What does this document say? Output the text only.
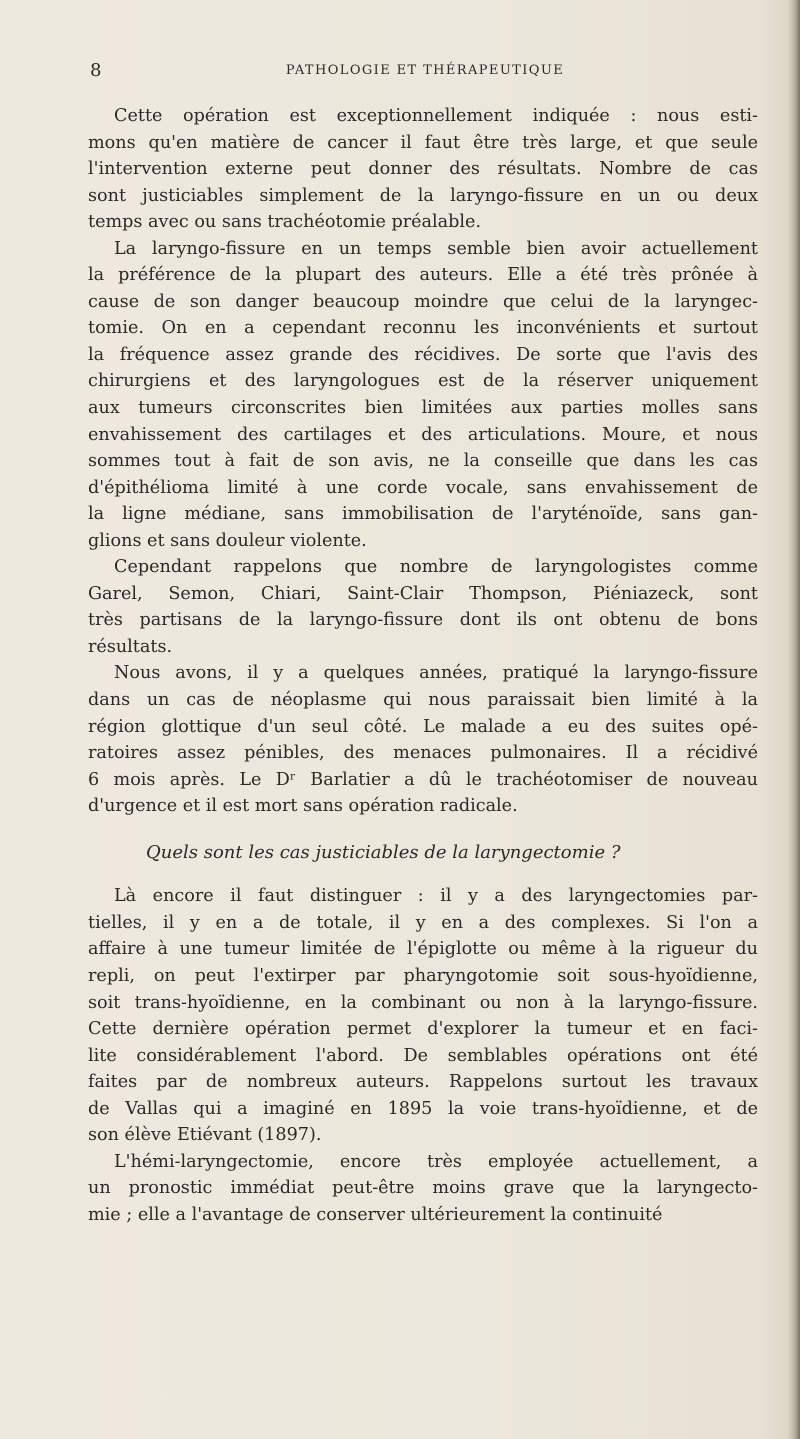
8	PATHOLOGIE ET THÉRAPEUTIQUE
Cette opération est exceptionnellement indiquée : nous esti-
mons qu'en matière de cancer il faut être très large, et que seule
l'intervention externe peut donner des résultats. Nombre de cas
sont justiciables simplement de la laryngo-fissure en un ou deux
temps avec ou sans trachéotomie préalable.
La laryngo-fissure en un temps semble bien avoir actuellement
la préférence de la plupart des auteurs. Elle a été très prônée à
cause de son danger beaucoup moindre que celui de la laryngec-
tomie. On en a cependant reconnu les inconvénients et surtout
la fréquence assez grande des récidives. De sorte que l'avis des
chirurgiens et des laryngologues est de la réserver uniquement
aux tumeurs circonscrites bien limitées aux parties molles sans
envahissement des cartilages et des articulations. Moure, et nous
sommes tout à fait de son avis, ne la conseille que dans les cas
d'épithélioma limité à une corde vocale, sans envahissement de
la ligne médiane, sans immobilisation de l'aryténoïde, sans gan-
glions et sans douleur violente.
Cependant rappelons que nombre de laryngologistes comme
Garel, Semon, Chiari, Saint-Clair Thompson, Piéniazeck, sont
très partisans de la laryngo-fissure dont ils ont obtenu de bons
résultats.
Nous avons, il y a quelques années, pratiqué la laryngo-fissure
dans un cas de néoplasme qui nous paraissait bien limité à la
région glottique d'un seul côté. Le malade a eu des suites opé-
ratoires assez pénibles, des menaces pulmonaires. Il a récidivé
6 mois après. Le Dʳ Barlatier a dû le trachéotomiser de nouveau
d'urgence et il est mort sans opération radicale.
Quels sont les cas justiciables de la laryngectomie ?
Là encore il faut distinguer : il y a des laryngectomies par-
tielles, il y en a de totale, il y en a des complexes. Si l'on a
affaire à une tumeur limitée de l'épiglotte ou même à la rigueur du
repli, on peut l'extirper par pharyngotomie soit sous-hyoïdienne,
soit trans-hyoïdienne, en la combinant ou non à la laryngo-fissure.
Cette dernière opération permet d'explorer la tumeur et en faci-
lite considérablement l'abord. De semblables opérations ont été
faites par de nombreux auteurs. Rappelons surtout les travaux
de Vallas qui a imaginé en 1895 la voie trans-hyoïdienne, et de
son élève Etiévant (1897).
L'hémi-laryngectomie, encore très employée actuellement, a
un pronostic immédiat peut-être moins grave que la laryngecto-
mie ; elle a l'avantage de conserver ultérieurement la continuité
